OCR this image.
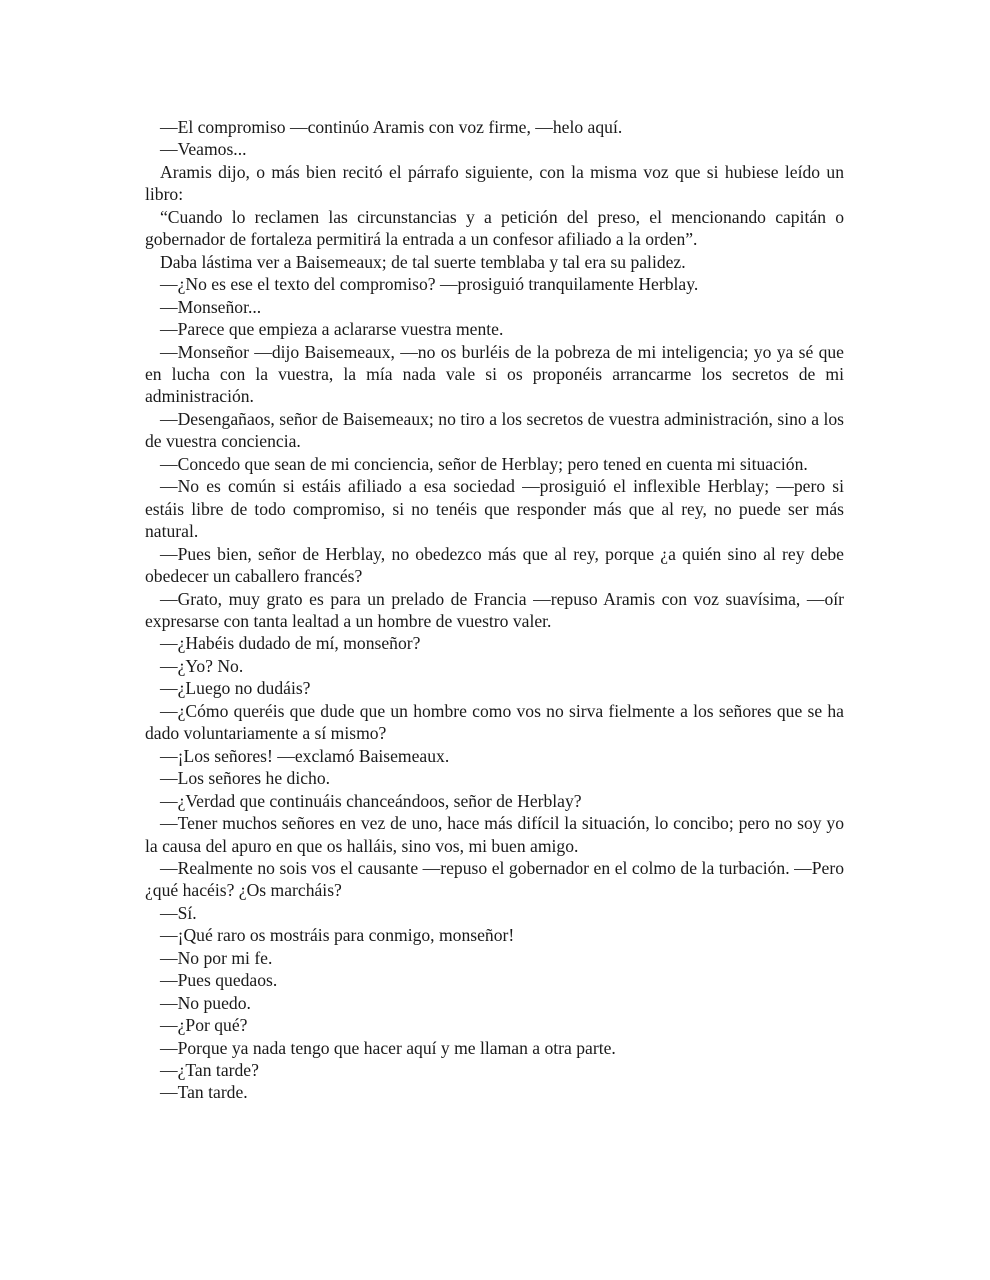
—El compromiso —continúo Aramis con voz firme, —helo aquí.

—Veamos...

Aramis dijo, o más bien recitó el párrafo siguiente, con la misma voz que si hubiese leído un libro:

“Cuando lo reclamen las circunstancias y a petición del preso, el mencionando capitán o gobernador de fortaleza permitirá la entrada a un confesor afiliado a la orden”.

Daba lástima ver a Baisemeaux; de tal suerte temblaba y tal era su palidez.

—¿No es ese el texto del compromiso? —prosiguió tranquilamente Herblay.

—Monseñor...

—Parece que empieza a aclararse vuestra mente.

—Monseñor —dijo Baisemeaux, —no os burléis de la pobreza de mi inteligencia; yo ya sé que en lucha con la vuestra, la mía nada vale si os proponéis arrancarme los secretos de mi administración.

—Desengañaos, señor de Baisemeaux; no tiro a los secretos de vuestra administración, sino a los de vuestra conciencia.

—Concedo que sean de mi conciencia, señor de Herblay; pero tened en cuenta mi situación.

—No es común si estáis afiliado a esa sociedad —prosiguió el inflexible Herblay; —pero si estáis libre de todo compromiso, si no tenéis que responder más que al rey, no puede ser más natural.

—Pues bien, señor de Herblay, no obedezco más que al rey, porque ¿a quién sino al rey debe obedecer un caballero francés?

—Grato, muy grato es para un prelado de Francia —repuso Aramis con voz suavísima, —oír expresarse con tanta lealtad a un hombre de vuestro valer.

—¿Habéis dudado de mí, monseñor?

—¿Yo? No.

—¿Luego no dudáis?

—¿Cómo queréis que dude que un hombre como vos no sirva fielmente a los señores que se ha dado voluntariamente a sí mismo?

—¡Los señores! —exclamó Baisemeaux.

—Los señores he dicho.

—¿Verdad que continuáis chanceándoos, señor de Herblay?

—Tener muchos señores en vez de uno, hace más difícil la situación, lo concibo; pero no soy yo la causa del apuro en que os halláis, sino vos, mi buen amigo.

—Realmente no sois vos el causante —repuso el gobernador en el colmo de la turbación. —Pero ¿qué hacéis? ¿Os marcháis?

—Sí.

—¡Qué raro os mostráis para conmigo, monseñor!

—No por mi fe.

—Pues quedaos.

—No puedo.

—¿Por qué?

—Porque ya nada tengo que hacer aquí y me llaman a otra parte.

—¿Tan tarde?

—Tan tarde.
